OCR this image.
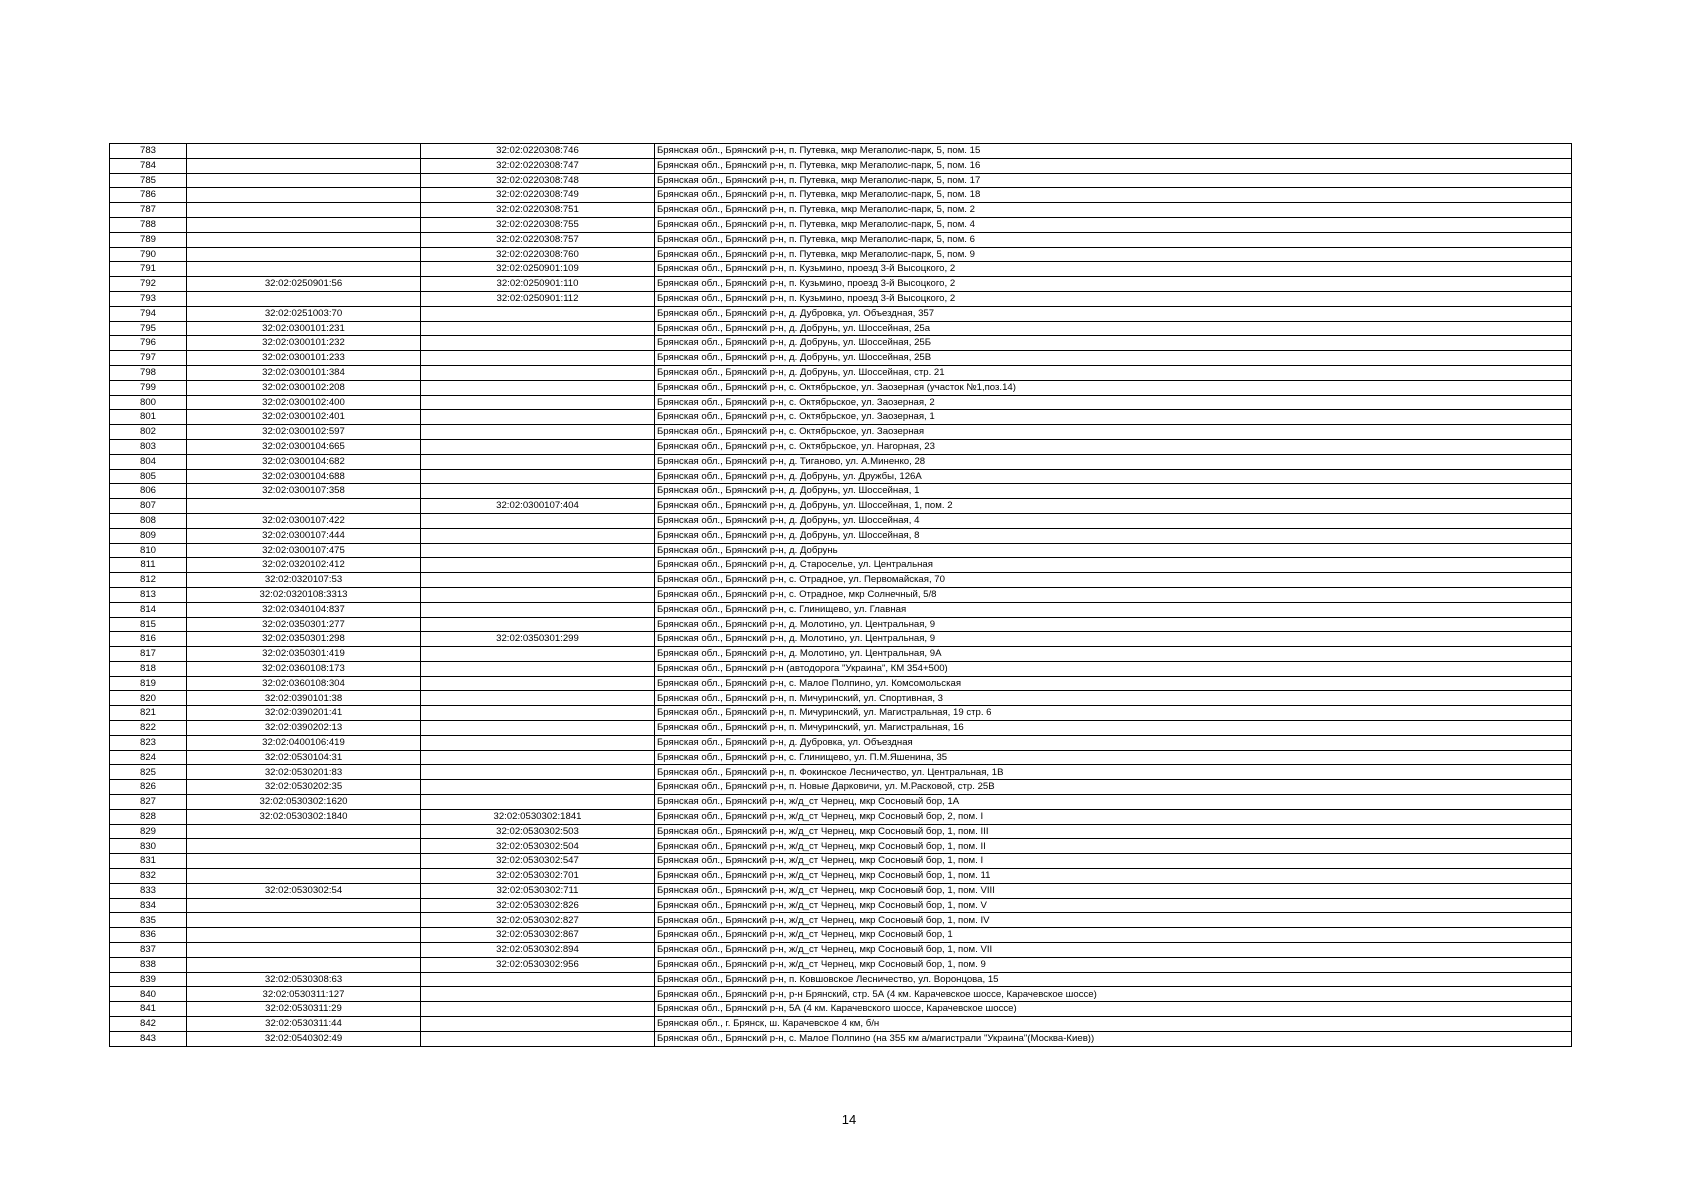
783		32:02:0220308:746	Брянская обл., Брянский р-н, п. Путевка, мкр Мегаполис-парк, 5, пом. 15
784		32:02:0220308:747	Брянская обл., Брянский р-н, п. Путевка, мкр Мегаполис-парк, 5, пом. 16
785		32:02:0220308:748	Брянская обл., Брянский р-н, п. Путевка, мкр Мегаполис-парк, 5, пом. 17
786		32:02:0220308:749	Брянская обл., Брянский р-н, п. Путевка, мкр Мегаполис-парк, 5, пом. 18
787		32:02:0220308:751	Брянская обл., Брянский р-н, п. Путевка, мкр Мегаполис-парк, 5, пом. 2
788		32:02:0220308:755	Брянская обл., Брянский р-н, п. Путевка, мкр Мегаполис-парк, 5, пом. 4
789		32:02:0220308:757	Брянская обл., Брянский р-н, п. Путевка, мкр Мегаполис-парк, 5, пом. 6
790		32:02:0220308:760	Брянская обл., Брянский р-н, п. Путевка, мкр Мегаполис-парк, 5, пом. 9
791		32:02:0250901:109	Брянская обл., Брянский р-н, п. Кузьмино, проезд 3-й Высоцкого, 2
792	32:02:0250901:56	32:02:0250901:110	Брянская обл., Брянский р-н, п. Кузьмино, проезд 3-й Высоцкого, 2
793		32:02:0250901:112	Брянская обл., Брянский р-н, п. Кузьмино, проезд 3-й Высоцкого, 2
794	32:02:0251003:70		Брянская обл., Брянский р-н, д. Дубровка, ул. Объездная, 357
795	32:02:0300101:231		Брянская обл., Брянский р-н, д. Добрунь, ул. Шоссейная, 25а
796	32:02:0300101:232		Брянская обл., Брянский р-н, д. Добрунь, ул. Шоссейная, 25Б
797	32:02:0300101:233		Брянская обл., Брянский р-н, д. Добрунь, ул. Шоссейная, 25В
798	32:02:0300101:384		Брянская обл., Брянский р-н, д. Добрунь, ул. Шоссейная, стр. 21
799	32:02:0300102:208		Брянская обл., Брянский р-н, с. Октябрьское, ул. Заозерная (участок №1,поз.14)
800	32:02:0300102:400		Брянская обл., Брянский р-н, с. Октябрьское, ул. Заозерная, 2
801	32:02:0300102:401		Брянская обл., Брянский р-н, с. Октябрьское, ул. Заозерная, 1
802	32:02:0300102:597		Брянская обл., Брянский р-н, с. Октябрьское, ул. Заозерная
803	32:02:0300104:665		Брянская обл., Брянский р-н, с. Октябрьское, ул. Нагорная, 23
804	32:02:0300104:682		Брянская обл., Брянский р-н, д. Тиганово, ул. А.Миненко, 28
805	32:02:0300104:688		Брянская обл., Брянский р-н, д. Добрунь, ул. Дружбы, 126А
806	32:02:0300107:358		Брянская обл., Брянский р-н, д. Добрунь, ул. Шоссейная, 1
807		32:02:0300107:404	Брянская обл., Брянский р-н, д. Добрунь, ул. Шоссейная, 1, пом. 2
808	32:02:0300107:422		Брянская обл., Брянский р-н, д. Добрунь, ул. Шоссейная, 4
809	32:02:0300107:444		Брянская обл., Брянский р-н, д. Добрунь, ул. Шоссейная, 8
810	32:02:0300107:475		Брянская обл., Брянский р-н, д. Добрунь
811	32:02:0320102:412		Брянская обл., Брянский р-н, д. Староселье, ул. Центральная
812	32:02:0320107:53		Брянская обл., Брянский р-н, с. Отрадное, ул. Первомайская, 70
813	32:02:0320108:3313		Брянская обл., Брянский р-н, с. Отрадное, мкр Солнечный, 5/8
814	32:02:0340104:837		Брянская обл., Брянский р-н, с. Глинищево, ул. Главная
815	32:02:0350301:277		Брянская обл., Брянский р-н, д. Молотино, ул. Центральная, 9
816	32:02:0350301:298	32:02:0350301:299	Брянская обл., Брянский р-н, д. Молотино, ул. Центральная, 9
817	32:02:0350301:419		Брянская обл., Брянский р-н, д. Молотино, ул. Центральная, 9А
818	32:02:0360108:173		Брянская обл., Брянский р-н (автодорога "Украина", КМ 354+500)
819	32:02:0360108:304		Брянская обл., Брянский р-н, с. Малое Полпино, ул. Комсомольская
820	32:02:0390101:38		Брянская обл., Брянский р-н, п. Мичуринский, ул. Спортивная, 3
821	32:02:0390201:41		Брянская обл., Брянский р-н, п. Мичуринский, ул. Магистральная, 19 стр. 6
822	32:02:0390202:13		Брянская обл., Брянский р-н, п. Мичуринский, ул. Магистральная, 16
823	32:02:0400106:419		Брянская обл., Брянский р-н, д. Дубровка, ул. Объездная
824	32:02:0530104:31		Брянская обл., Брянский р-н, с. Глинищево, ул. П.М.Яшенина, 35
825	32:02:0530201:83		Брянская обл., Брянский р-н, п. Фокинское Лесничество, ул. Центральная, 1В
826	32:02:0530202:35		Брянская обл., Брянский р-н, п. Новые Дарковичи, ул. М.Расковой, стр. 25В
827	32:02:0530302:1620		Брянская обл., Брянский р-н, ж/д_ст Чернец, мкр Сосновый бор, 1А
828	32:02:0530302:1840	32:02:0530302:1841	Брянская обл., Брянский р-н, ж/д_ст Чернец, мкр Сосновый бор, 2, пом. I
829		32:02:0530302:503	Брянская обл., Брянский р-н, ж/д_ст Чернец, мкр Сосновый бор, 1, пом. III
830		32:02:0530302:504	Брянская обл., Брянский р-н, ж/д_ст Чернец, мкр Сосновый бор, 1, пом. II
831		32:02:0530302:547	Брянская обл., Брянский р-н, ж/д_ст Чернец, мкр Сосновый бор, 1, пом. I
832		32:02:0530302:701	Брянская обл., Брянский р-н, ж/д_ст Чернец, мкр Сосновый бор, 1, пом. 11
833	32:02:0530302:54	32:02:0530302:711	Брянская обл., Брянский р-н, ж/д_ст Чернец, мкр Сосновый бор, 1, пом. VIII
834		32:02:0530302:826	Брянская обл., Брянский р-н, ж/д_ст Чернец, мкр Сосновый бор, 1, пом. V
835		32:02:0530302:827	Брянская обл., Брянский р-н, ж/д_ст Чернец, мкр Сосновый бор, 1, пом. IV
836		32:02:0530302:867	Брянская обл., Брянский р-н, ж/д_ст Чернец, мкр Сосновый бор, 1
837		32:02:0530302:894	Брянская обл., Брянский р-н, ж/д_ст Чернец, мкр Сосновый бор, 1, пом. VII
838		32:02:0530302:956	Брянская обл., Брянский р-н, ж/д_ст Чернец, мкр Сосновый бор, 1, пом. 9
839	32:02:0530308:63		Брянская обл., Брянский р-н, п. Ковшовское Лесничество, ул. Воронцова, 15
840	32:02:0530311:127		Брянская обл., Брянский р-н, р-н Брянский, стр. 5А (4 км. Карачевское шоссе, Карачевское шоссе)
841	32:02:0530311:29		Брянская обл., Брянский р-н, 5А (4 км. Карачевского шоссе, Карачевское шоссе)
842	32:02:0530311:44		Брянская обл., г. Брянск, ш. Карачевское 4 км, б/н
843	32:02:0540302:49		Брянская обл., Брянский р-н, с. Малое Полпино (на 355 км а/магистрали "Украина"(Москва-Киев))
14
